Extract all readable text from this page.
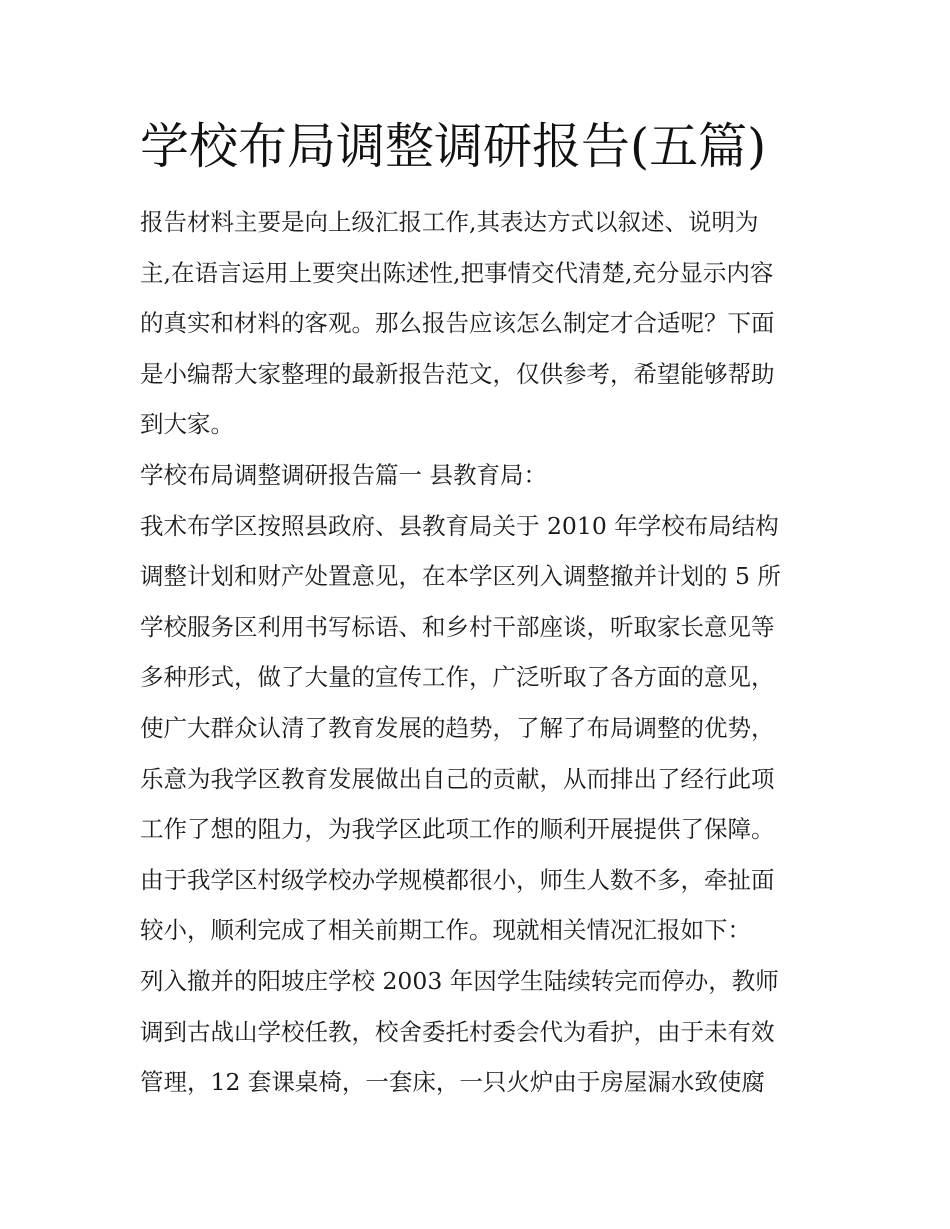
学校布局调整调研报告(五篇)
报告材料主要是向上级汇报工作,其表达方式以叙述、说明为
主,在语言运用上要突出陈述性,把事情交代清楚,充分显示内容
的真实和材料的客观。那么报告应该怎么制定才合适呢？下面
是小编帮大家整理的最新报告范文，仅供参考，希望能够帮助
到大家。
学校布局调整调研报告篇一 县教育局：
我术布学区按照县政府、县教育局关于 2010 年学校布局结构
调整计划和财产处置意见，在本学区列入调整撤并计划的 5 所
学校服务区利用书写标语、和乡村干部座谈，听取家长意见等
多种形式，做了大量的宣传工作，广泛听取了各方面的意见，
使广大群众认清了教育发展的趋势，了解了布局调整的优势，
乐意为我学区教育发展做出自己的贡献，从而排出了经行此项
工作了想的阻力，为我学区此项工作的顺利开展提供了保障。
由于我学区村级学校办学规模都很小，师生人数不多，牵扯面
较小，顺利完成了相关前期工作。现就相关情况汇报如下：
列入撤并的阳坡庄学校 2003 年因学生陆续转完而停办，教师
调到古战山学校任教，校舍委托村委会代为看护，由于未有效
管理，12 套课桌椅，一套床，一只火炉由于房屋漏水致使腐
